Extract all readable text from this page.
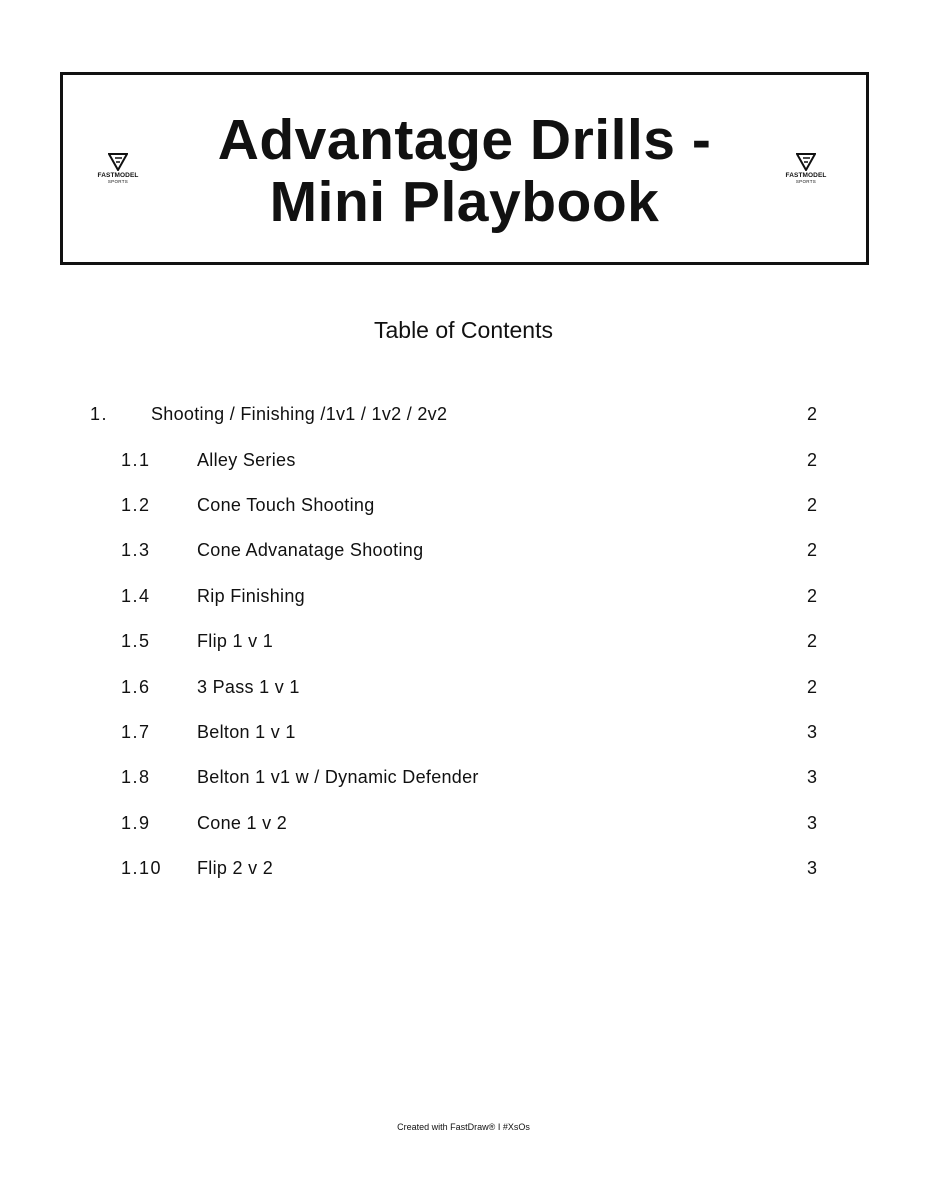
FASTMODEL
SPORTS
Advantage Drills -
Mini Playbook	FASTMODEL
SPORTS
Table of Contents
1. Shooting / Finishing /1v1 / 1v2 / 2v2	2
1.1	Alley Series	2
1.2	Cone Touch Shooting	2
1.3	Cone Advanatage Shooting	2
1.4	Rip Finishing	2
1.5	Flip 1 v 1	2
1.6	3 Pass 1 v 1	2
1.7	Belton 1 v 1	3
1.8	Belton 1 v1 w / Dynamic Defender	3
1.9	Cone 1 v 2	3
1.10 Flip 2 v 2	3
Created with FastDraw® I #XsOs
